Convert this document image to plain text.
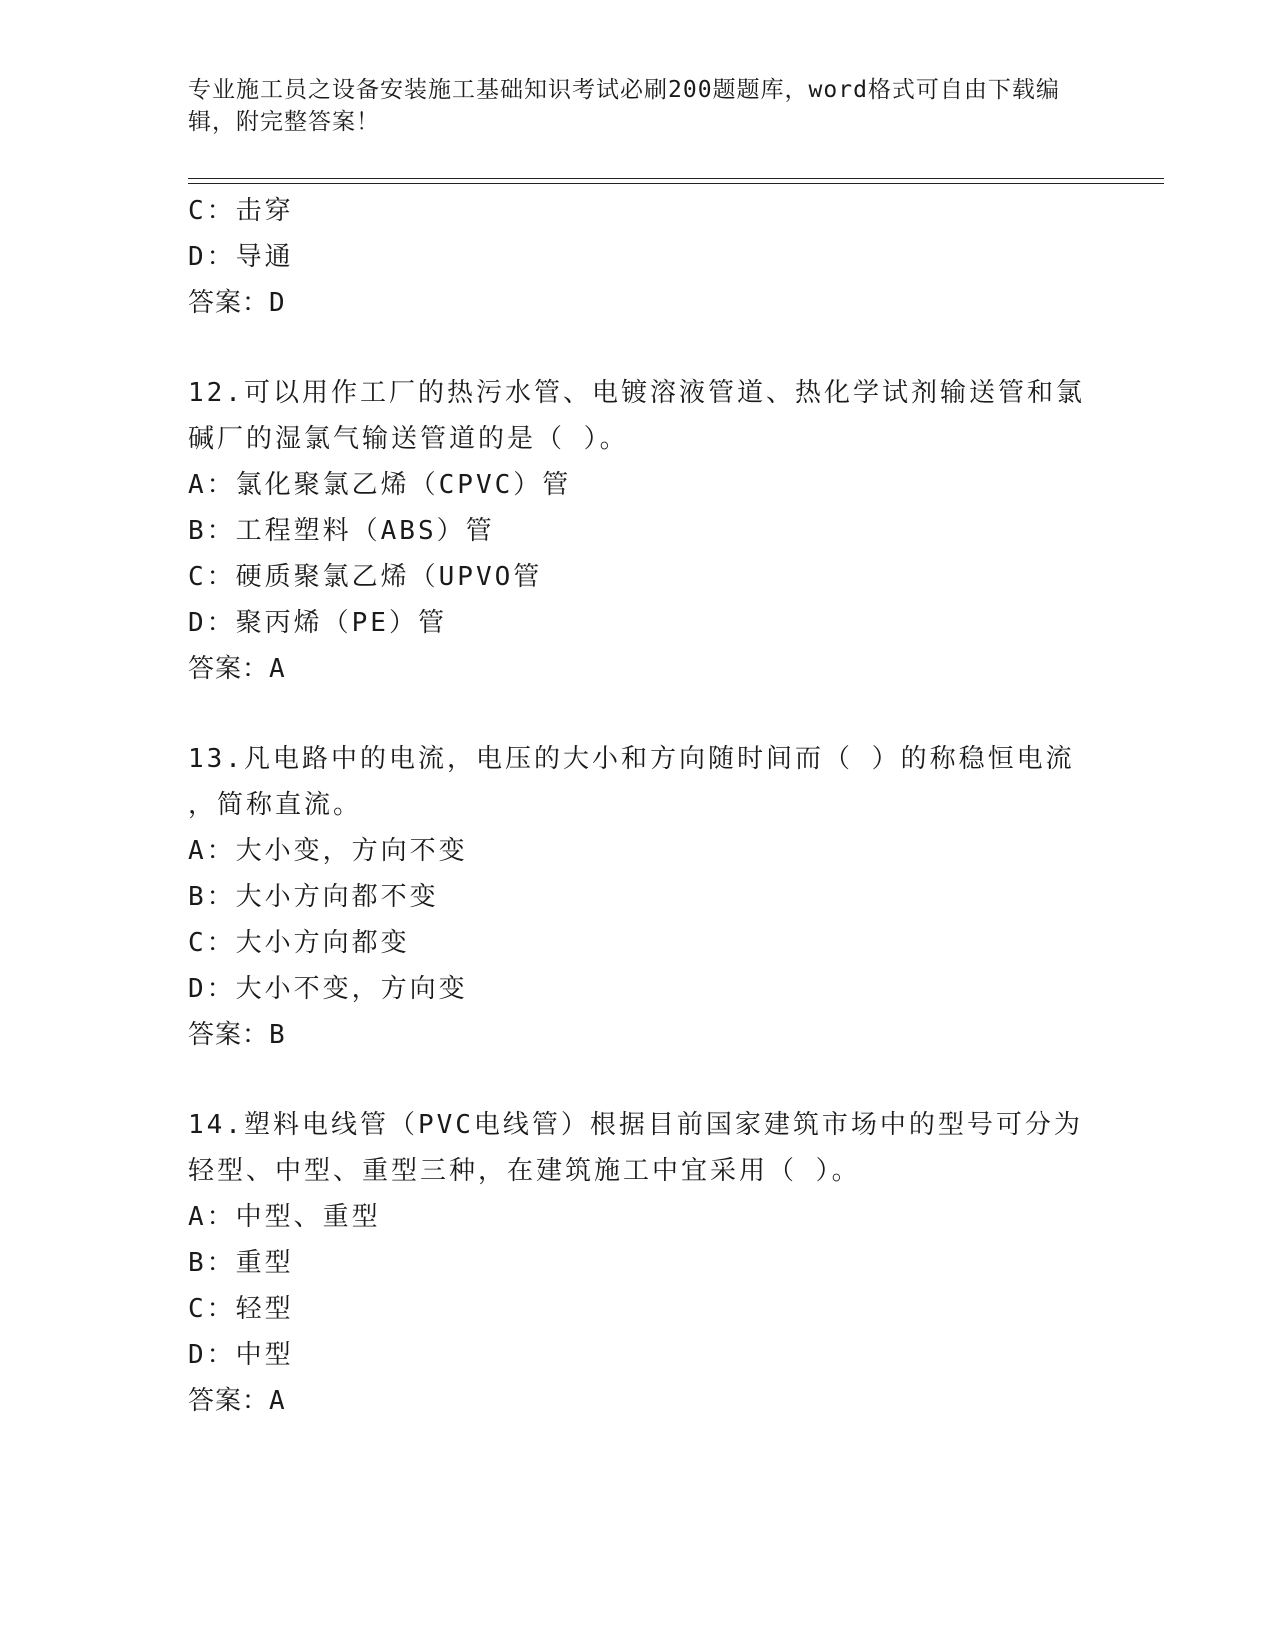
专业施工员之设备安装施工基础知识考试必刷200题题库，word格式可自由下载编辑，附完整答案！
C：击穿
D：导通
答案：D
12.可以用作工厂的热污水管、电镀溶液管道、热化学试剂输送管和氯
碱厂的湿氯气输送管道的是（ ）。
A：氯化聚氯乙烯（CPVC）管
B：工程塑料（ABS）管
C：硬质聚氯乙烯（UPVO管
D：聚丙烯（PE）管
答案：A
13.凡电路中的电流，电压的大小和方向随时间而（ ）的称稳恒电流
，简称直流。
A：大小变，方向不变
B：大小方向都不变
C：大小方向都变
D：大小不变，方向变
答案：B
14.塑料电线管（PVC电线管）根据目前国家建筑市场中的型号可分为
轻型、中型、重型三种，在建筑施工中宜采用（ ）。
A：中型、重型
B：重型
C：轻型
D：中型
答案：A
